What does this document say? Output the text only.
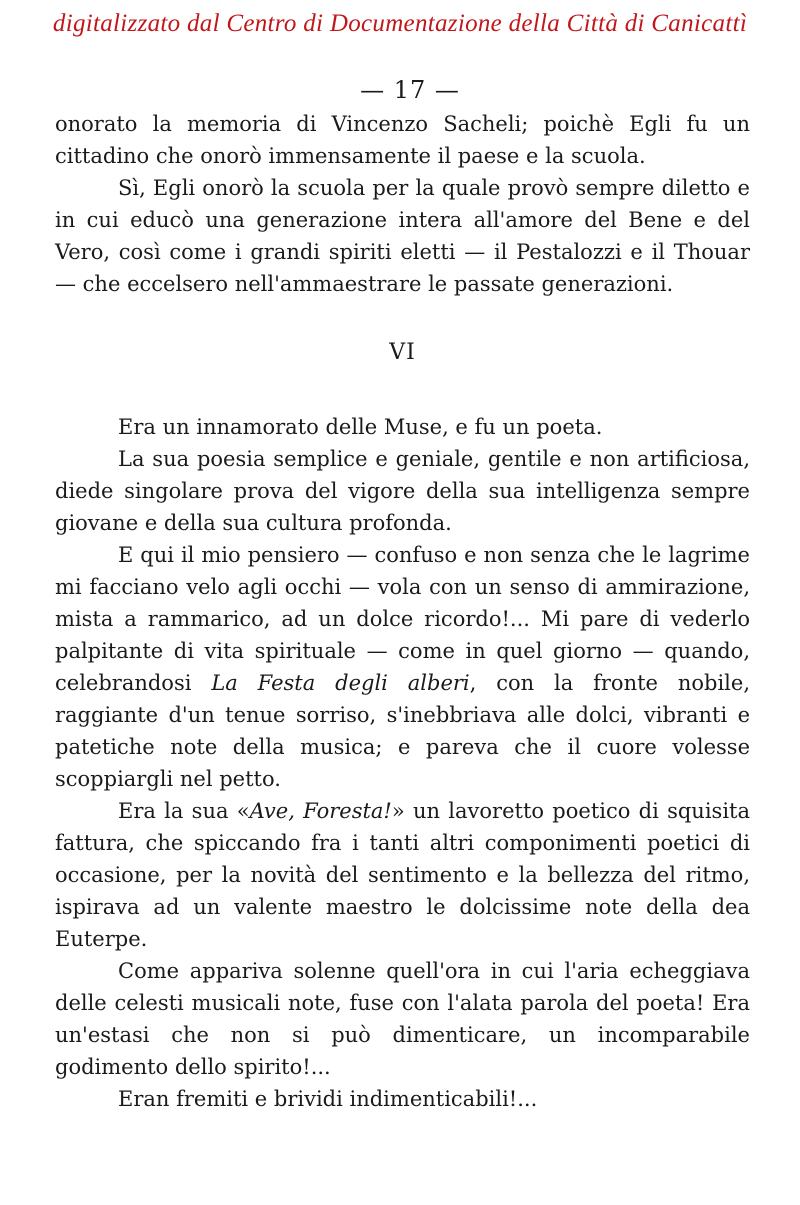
digitalizzato dal Centro di Documentazione della Città di Canicattì
— 17 —

onorato la memoria di Vincenzo Sacheli; poichè Egli fu un cittadino che onorò immensamente il paese e la scuola.

Sì, Egli onorò la scuola per la quale provò sempre diletto e in cui educò una generazione intera all'amore del Bene e del Vero, così come i grandi spiriti eletti — il Pestalozzi e il Thouar — che eccelsero nell'ammaestrare le passate generazioni.

VI

Era un innamorato delle Muse, e fu un poeta.

La sua poesia semplice e geniale, gentile e non artificiosa, diede singolare prova del vigore della sua intelligenza sempre giovane e della sua cultura profonda.

E qui il mio pensiero — confuso e non senza che le lagrime mi facciano velo agli occhi — vola con un senso di ammirazione, mista a rammarico, ad un dolce ricordo!... Mi pare di vederlo palpitante di vita spirituale — come in quel giorno — quando, celebrandosi La Festa degli alberi, con la fronte nobile, raggiante d'un tenue sorriso, s'inebbriava alle dolci, vibranti e patetiche note della musica; e pareva che il cuore volesse scoppiargli nel petto.

Era la sua «Ave, Foresta!» un lavoretto poetico di squisita fattura, che spiccando fra i tanti altri componimenti poetici di occasione, per la novità del sentimento e la bellezza del ritmo, ispirava ad un valente maestro le dolcissime note della dea Euterpe.

Come appariva solenne quell'ora in cui l'aria echeggiava delle celesti musicali note, fuse con l'alata parola del poeta! Era un'estasi che non si può dimenticare, un incomparabile godimento dello spirito!...

Eran fremiti e brividi indimenticabili!...
